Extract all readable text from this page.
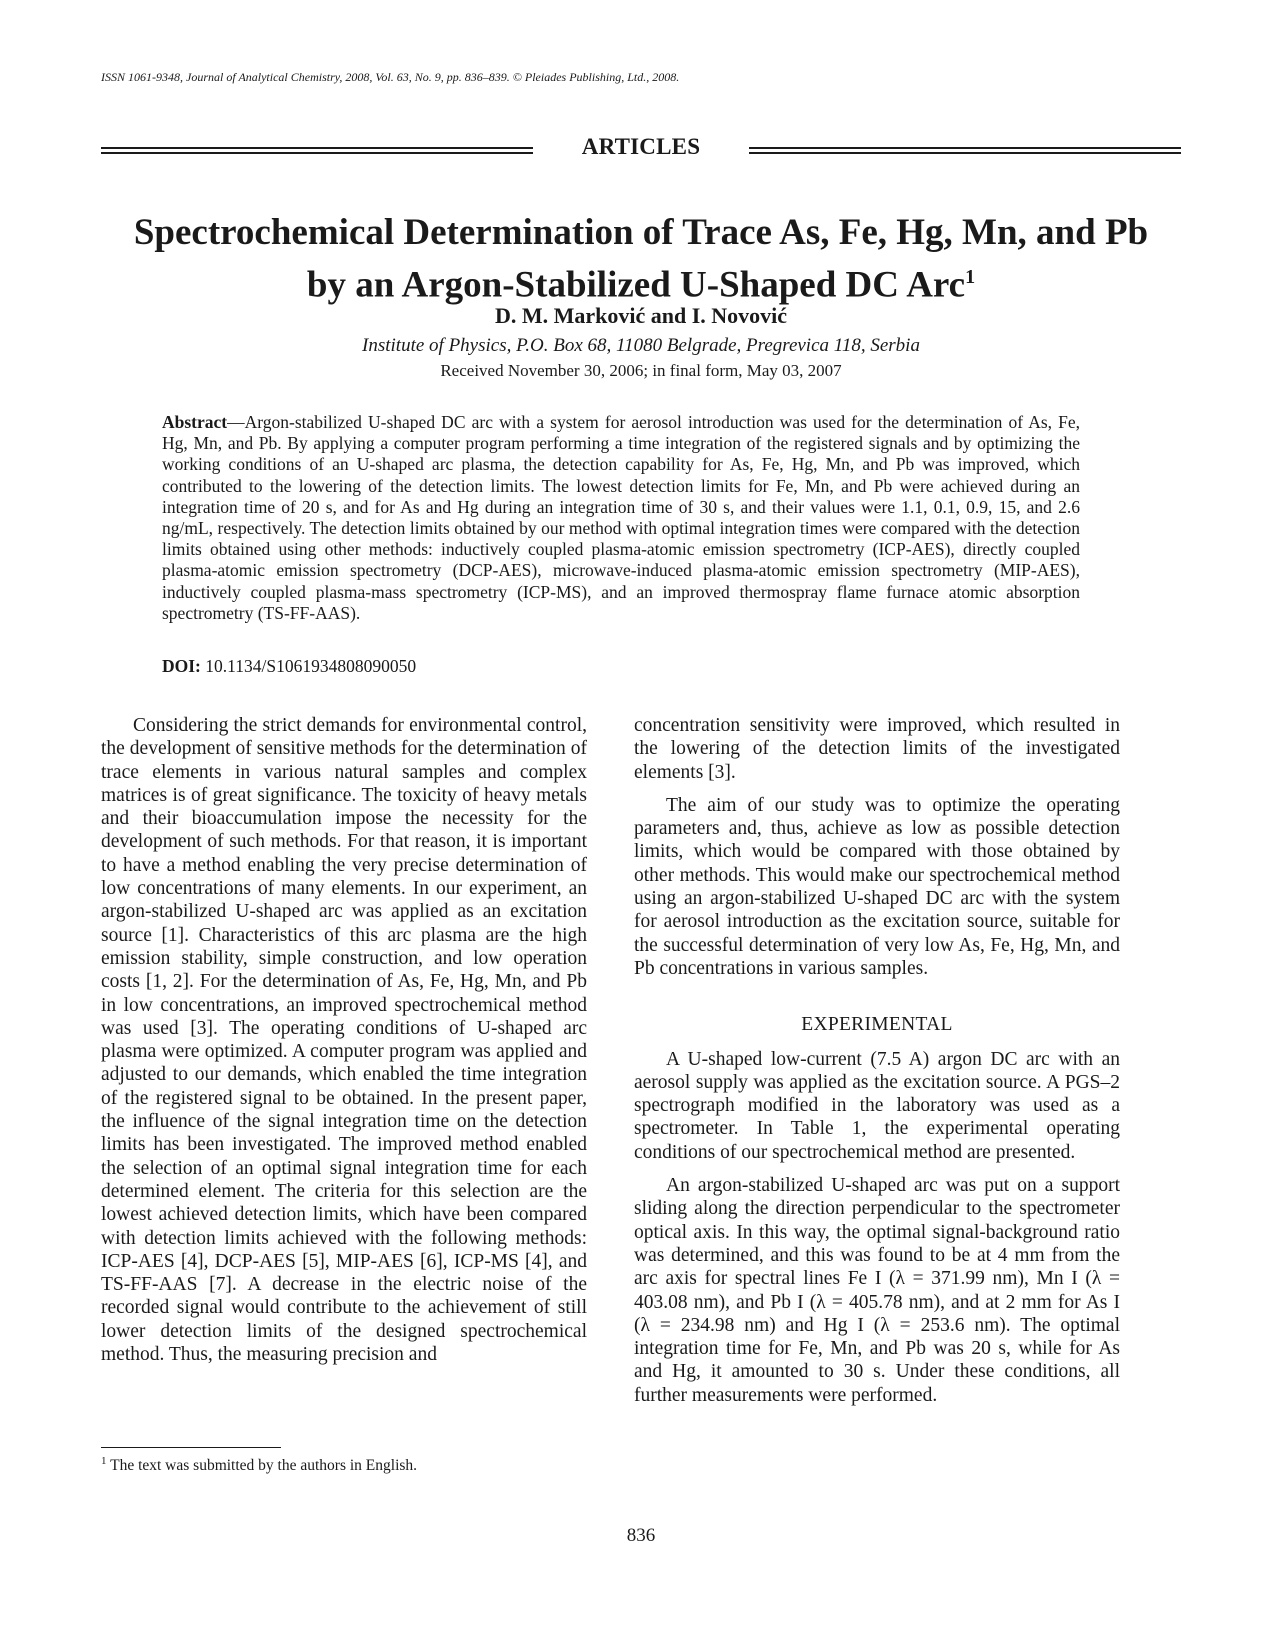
ISSN 1061-9348, Journal of Analytical Chemistry, 2008, Vol. 63, No. 9, pp. 836–839. © Pleiades Publishing, Ltd., 2008.
ARTICLES
Spectrochemical Determination of Trace As, Fe, Hg, Mn, and Pb
by an Argon-Stabilized U-Shaped DC Arc$^1$
D. M. Marković and I. Novović
Institute of Physics, P.O. Box 68, 11080 Belgrade, Pregrevica 118, Serbia
Received November 30, 2006; in final form, May 03, 2007
Abstract—Argon-stabilized U-shaped DC arc with a system for aerosol introduction was used for the determination of As, Fe, Hg, Mn, and Pb. By applying a computer program performing a time integration of the registered signals and by optimizing the working conditions of an U-shaped arc plasma, the detection capability for As, Fe, Hg, Mn, and Pb was improved, which contributed to the lowering of the detection limits. The lowest detection limits for Fe, Mn, and Pb were achieved during an integration time of 20 s, and for As and Hg during an integration time of 30 s, and their values were 1.1, 0.1, 0.9, 15, and 2.6 ng/mL, respectively. The detection limits obtained by our method with optimal integration times were compared with the detection limits obtained using other methods: inductively coupled plasma-atomic emission spectrometry (ICP-AES), directly coupled plasma-atomic emission spectrometry (DCP-AES), microwave-induced plasma-atomic emission spectrometry (MIP-AES), inductively coupled plasma-mass spectrometry (ICP-MS), and an improved thermospray flame furnace atomic absorption spectrometry (TS-FF-AAS).
DOI: 10.1134/S1061934808090050

Considering the strict demands for environmental control, the development of sensitive methods for the determination of trace elements in various natural samples and complex matrices is of great significance. The toxicity of heavy metals and their bioaccumulation impose the necessity for the development of such methods. For that reason, it is important to have a method enabling the very precise determination of low concentrations of many elements. In our experiment, an argon-stabilized U-shaped arc was applied as an excitation source [1]. Characteristics of this arc plasma are the high emission stability, simple construction, and low operation costs [1, 2]. For the determination of As, Fe, Hg, Mn, and Pb in low concentrations, an improved spectrochemical method was used [3]. The operating conditions of U-shaped arc plasma were optimized. A computer program was applied and adjusted to our demands, which enabled the time integration of the registered signal to be obtained. In the present paper, the influence of the signal integration time on the detection limits has been investigated. The improved method enabled the selection of an optimal signal integration time for each determined element. The criteria for this selection are the lowest achieved detection limits, which have been compared with detection limits achieved with the following methods: ICP-AES [4], DCP-AES [5], MIP-AES [6], ICP-MS [4], and TS-FF-AAS [7]. A decrease in the electric noise of the recorded signal would contribute to the achievement of still lower detection limits of the designed spectrochemical method. Thus, the measuring precision and

concentration sensitivity were improved, which resulted in the lowering of the detection limits of the investigated elements [3].

The aim of our study was to optimize the operating parameters and, thus, achieve as low as possible detection limits, which would be compared with those obtained by other methods. This would make our spectrochemical method using an argon-stabilized U-shaped DC arc with the system for aerosol introduction as the excitation source, suitable for the successful determination of very low As, Fe, Hg, Mn, and Pb concentrations in various samples.

EXPERIMENTAL

A U-shaped low-current (7.5 A) argon DC arc with an aerosol supply was applied as the excitation source. A PGS–2 spectrograph modified in the laboratory was used as a spectrometer. In Table 1, the experimental operating conditions of our spectrochemical method are presented.

An argon-stabilized U-shaped arc was put on a support sliding along the direction perpendicular to the spectrometer optical axis. In this way, the optimal signal-background ratio was determined, and this was found to be at 4 mm from the arc axis for spectral lines Fe I (λ = 371.99 nm), Mn I (λ = 403.08 nm), and Pb I (λ = 405.78 nm), and at 2 mm for As I (λ = 234.98 nm) and Hg I (λ = 253.6 nm). The optimal integration time for Fe, Mn, and Pb was 20 s, while for As and Hg, it amounted to 30 s. Under these conditions, all further measurements were performed.

$^1$ The text was submitted by the authors in English.
836
